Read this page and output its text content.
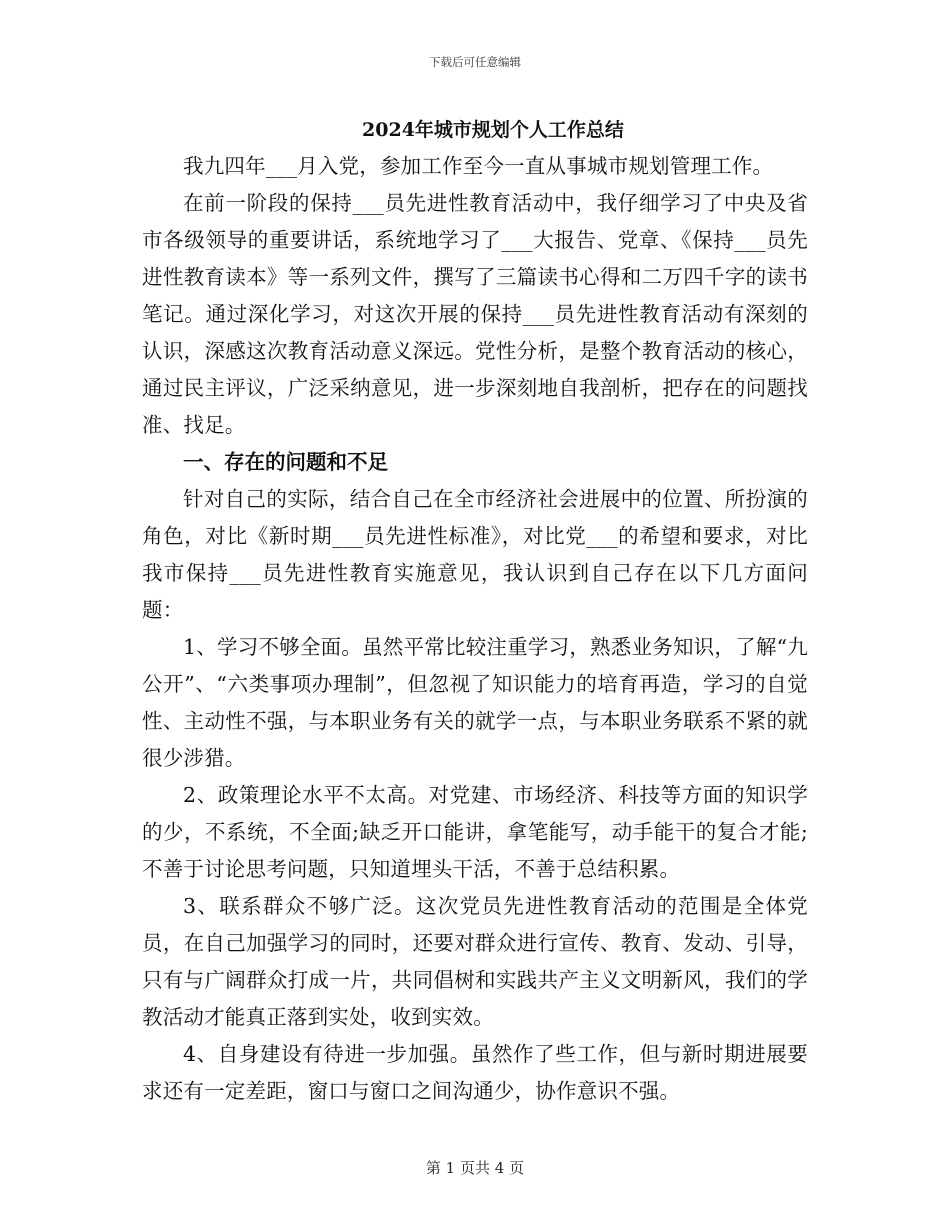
下载后可任意编辑
2024年城市规划个人工作总结

我九四年___月入党，参加工作至今一直从事城市规划管理工作。

在前一阶段的保持___员先进性教育活动中，我仔细学习了中央及省市各级领导的重要讲话，系统地学习了___大报告、党章、《保持___员先进性教育读本》等一系列文件，撰写了三篇读书心得和二万四千字的读书笔记。通过深化学习，对这次开展的保持___员先进性教育活动有深刻的认识，深感这次教育活动意义深远。党性分析，是整个教育活动的核心，通过民主评议，广泛采纳意见，进一步深刻地自我剖析，把存在的问题找准、找足。

一、存在的问题和不足

针对自己的实际，结合自己在全市经济社会进展中的位置、所扮演的角色，对比《新时期___员先进性标准》，对比党___的希望和要求，对比我市保持___员先进性教育实施意见，我认识到自己存在以下几方面问题：

1、学习不够全面。虽然平常比较注重学习，熟悉业务知识，了解“九公开”、“六类事项办理制”，但忽视了知识能力的培育再造，学习的自觉性、主动性不强，与本职业务有关的就学一点，与本职业务联系不紧的就很少涉猎。

2、政策理论水平不太高。对党建、市场经济、科技等方面的知识学的少，不系统，不全面;缺乏开口能讲，拿笔能写，动手能干的复合才能;不善于讨论思考问题，只知道埋头干活，不善于总结积累。

3、联系群众不够广泛。这次党员先进性教育活动的范围是全体党员，在自己加强学习的同时，还要对群众进行宣传、教育、发动、引导，只有与广阔群众打成一片，共同倡树和实践共产主义文明新风，我们的学教活动才能真正落到实处，收到实效。

4、自身建设有待进一步加强。虽然作了些工作，但与新时期进展要求还有一定差距，窗口与窗口之间沟通少，协作意识不强。

第 1 页共 4 页
